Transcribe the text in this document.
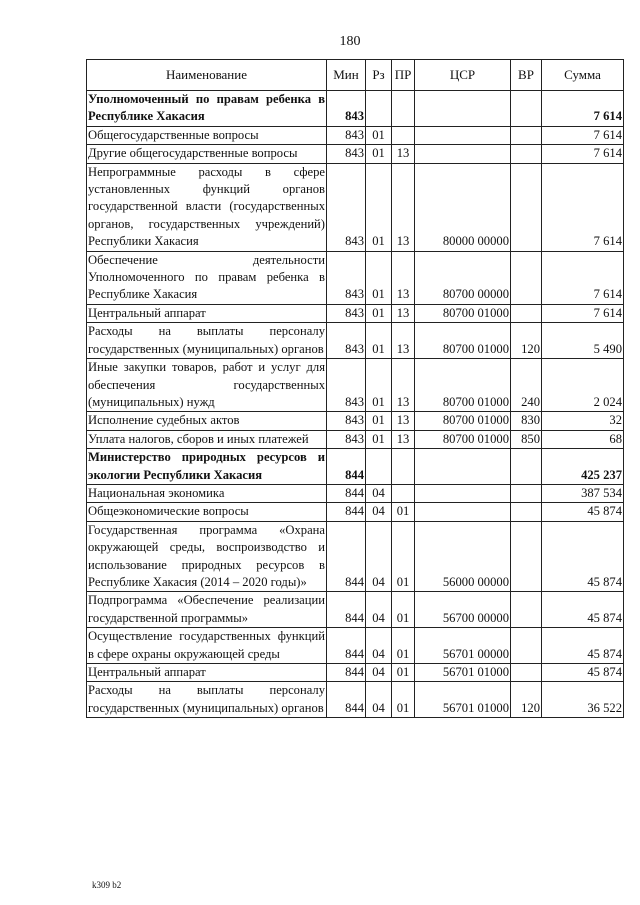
180
Наименование	Мин	Рз	ПР	ЦСР	ВР	Сумма
Уполномоченный по правам ребенка в Республике Хакасия	843					7 614
Общегосударственные вопросы	843	01				7 614
Другие общегосударственные вопросы	843	01	13			7 614
Непрограммные расходы в сфере установленных функций органов государственной власти (государственных органов, государственных учреждений) Республики Хакасия	843	01	13	80000 00000		7 614
Обеспечение деятельности Уполномоченного по правам ребенка в Республике Хакасия	843	01	13	80700 00000		7 614
Центральный аппарат	843	01	13	80700 01000		7 614
Расходы на выплаты персоналу государственных (муниципальных) органов	843	01	13	80700 01000	120	5 490
Иные закупки товаров, работ и услуг для обеспечения государственных (муниципальных) нужд	843	01	13	80700 01000	240	2 024
Исполнение судебных актов	843	01	13	80700 01000	830	32
Уплата налогов, сборов и иных платежей	843	01	13	80700 01000	850	68
Министерство природных ресурсов и экологии Республики Хакасия	844					425 237
Национальная экономика	844	04				387 534
Общеэкономические вопросы	844	04	01			45 874
Государственная программа «Охрана окружающей среды, воспроизводство и использование природных ресурсов в Республике Хакасия (2014 – 2020 годы)»	844	04	01	56000 00000		45 874
Подпрограмма «Обеспечение реализации государственной программы»	844	04	01	56700 00000		45 874
Осуществление государственных функций в сфере охраны окружающей среды	844	04	01	56701 00000		45 874
Центральный аппарат	844	04	01	56701 01000		45 874
Расходы на выплаты персоналу государственных (муниципальных) органов	844	04	01	56701 01000	120	36 522
k309 b2
